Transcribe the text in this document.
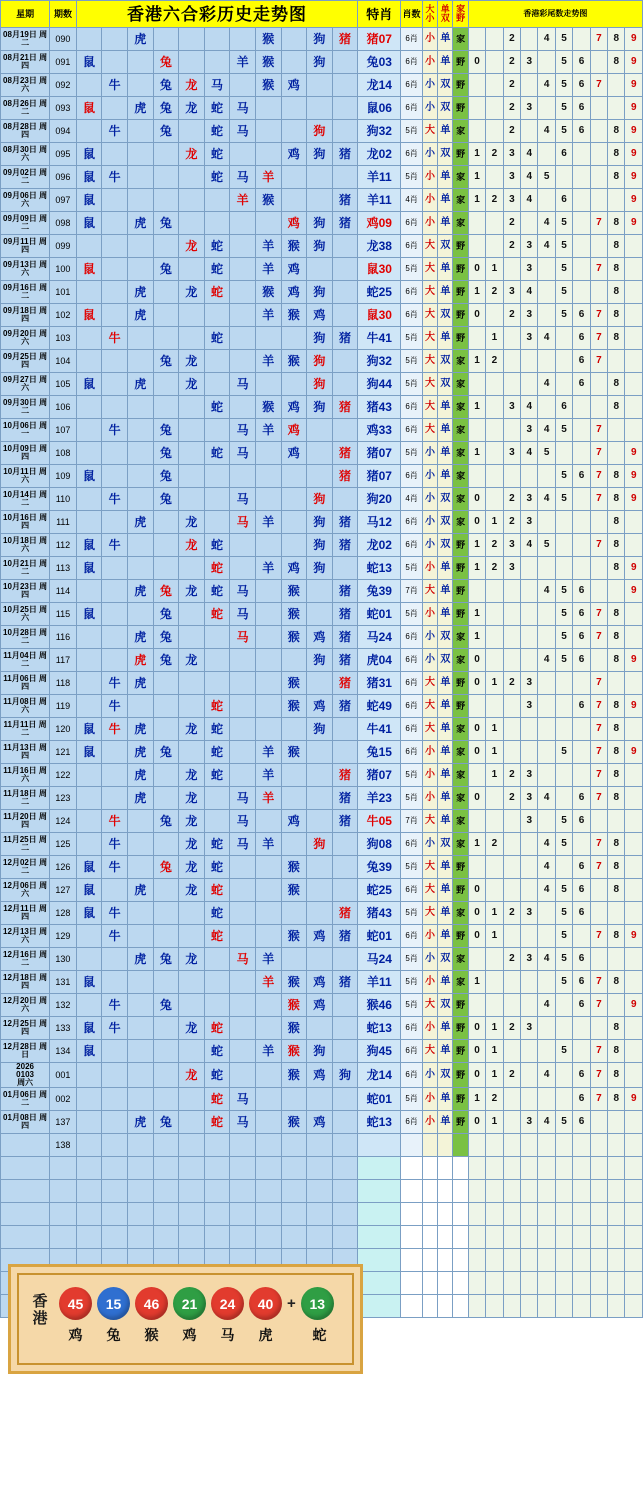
星期	期数	香港六合彩历史走势图											特肖	肖数	大小	单双	家野	香港彩尾数走势图									
08月19日 周二	090			虎					猴		狗	猪	猪07	6肖	小	单	家			2		4	5		7	8	9
08月21日 周四	091	鼠			兔			羊	猴		狗		兔03	6肖	小	单	野	0		2	3		5	6		8	9
08月23日 周六	092		牛		兔	龙	马		猴	鸡			龙14	6肖	小	双	野			2		4	5	6	7		9
08月26日 周二	093	鼠		虎	兔	龙	蛇	马					鼠06	6肖	小	双	野			2	3		5	6			9
08月28日 周四	094		牛		兔		蛇	马			狗		狗32	5肖	大	单	家			2		4	5	6		8	9
08月30日 周六	095	鼠				龙	蛇			鸡	狗	猪	龙02	6肖	小	双	野	1	2	3	4		6			8	9
09月02日 周二	096	鼠	牛				蛇	马	羊				羊11	5肖	小	单	家	1		3	4	5				8	9
09月06日 周六	097	鼠						羊	猴			猪	羊11	4肖	小	单	家	1	2	3	4		6				9
09月09日 周二	098	鼠		虎	兔					鸡	狗	猪	鸡09	6肖	小	单	家			2		4	5		7	8	9
09月11日 周四	099					龙	蛇		羊	猴	狗		龙38	6肖	大	双	野			2	3	4	5			8	
09月13日 周六	100	鼠			兔		蛇		羊	鸡			鼠30	5肖	大	单	野	0	1		3		5		7	8	
09月16日 周二	101			虎		龙	蛇		猴	鸡	狗		蛇25	6肖	大	单	野	1	2	3	4		5			8	
09月18日 周四	102	鼠		虎					羊	猴	鸡		鼠30	6肖	大	双	野	0		2	3		5	6	7	8	
09月20日 周六	103		牛				蛇				狗	猪	牛41	5肖	大	单	野		1		3	4		6	7	8	
09月25日 周四	104				兔	龙			羊	猴	狗		狗32	5肖	大	双	家	1	2					6	7		
09月27日 周六	105	鼠		虎		龙		马			狗		狗44	5肖	大	双	家					4		6		8	
09月30日 周二	106						蛇		猴	鸡	狗	猪	猪43	6肖	大	单	家	1		3	4		6			8	
10月06日 周一	107		牛		兔			马	羊	鸡			鸡33	6肖	大	单	家				3	4	5		7		
10月09日 周四	108				兔		蛇	马		鸡		猪	猪07	5肖	小	单	家	1		3	4	5			7		9
10月11日 周六	109	鼠			兔							猪	猪07	6肖	小	单	家						5	6	7	8	9
10月14日 周二	110		牛		兔			马			狗		狗20	4肖	小	双	家	0		2	3	4	5		7	8	9
10月16日 周四	111			虎		龙		马	羊		狗	猪	马12	6肖	小	双	家	0	1	2	3					8	
10月18日 周六	112	鼠	牛			龙	蛇				狗	猪	龙02	6肖	小	双	野	1	2	3	4	5			7	8	
10月21日 周二	113	鼠					蛇		羊	鸡	狗		蛇13	5肖	小	单	野	1	2	3						8	9
10月23日 周四	114			虎	兔	龙	蛇	马		猴		猪	兔39	7肖	大	单	野					4	5	6			9
10月25日 周六	115	鼠			兔		蛇	马		猴		猪	蛇01	5肖	小	单	野	1					5	6	7	8	
10月28日 周二	116			虎	兔			马		猴	鸡	猪	马24	6肖	小	双	家	1					5	6	7	8	
11月04日 周二	117			虎	兔	龙					狗	猪	虎04	6肖	小	双	家	0				4	5	6		8	9
11月06日 周四	118		牛	虎						猴		猪	猪31	6肖	大	单	野	0	1	2	3				7		
11月08日 周六	119		牛				蛇			猴	鸡	猪	蛇49	6肖	大	单	野				3			6	7	8	9
11月11日 周二	120	鼠	牛	虎		龙	蛇				狗		牛41	6肖	大	单	家	0	1						7	8	
11月13日 周四	121	鼠		虎	兔		蛇		羊	猴			兔15	6肖	小	单	家	0	1				5		7	8	9
11月16日 周六	122			虎		龙	蛇		羊			猪	猪07	5肖	小	单	家		1	2	3				7	8	
11月18日 周二	123			虎		龙		马	羊			猪	羊23	5肖	小	单	家	0		2	3	4		6	7	8	
11月20日 周四	124		牛		兔	龙		马		鸡		猪	牛05	7肖	大	单	家				3		5	6			
11月25日 周二	125		牛			龙	蛇	马	羊		狗		狗08	6肖	小	双	家	1	2			4	5		7	8	
12月02日 周二	126	鼠	牛		兔	龙	蛇			猴			兔39	5肖	大	单	野					4		6	7	8	
12月06日 周六	127	鼠		虎		龙	蛇			猴			蛇25	6肖	大	单	野	0				4	5	6		8	
12月11日 周四	128	鼠	牛				蛇					猪	猪43	5肖	大	单	家	0	1	2	3		5	6			
12月13日 周六	129		牛				蛇			猴	鸡	猪	蛇01	6肖	小	单	野	0	1				5		7	8	9
12月16日 周二	130			虎	兔	龙		马	羊				马24	5肖	小	双	家			2	3	4	5	6			
12月18日 周四	131	鼠							羊	猴	鸡	猪	羊11	5肖	小	单	家	1					5	6	7	8	
12月20日 周六	132		牛		兔					猴	鸡		猴46	5肖	大	双	野					4		6	7		9
12月25日 周四	133	鼠	牛			龙	蛇			猴			蛇13	6肖	小	单	野	0	1	2	3					8	
12月28日 周日	134	鼠					蛇		羊	猴	狗		狗45	6肖	大	单	野	0	1				5		7	8	

2026
0103
周六	001					龙	蛇			猴	鸡	狗	龙14	6肖	小	双	野	0	1	2		4		6	7	8	
01月06日 周二	002						蛇	马					蛇01	5肖	小	单	野	1	2					6	7	8	9
01月08日 周四	137			虎	兔		蛇	马		猴	鸡		蛇13	6肖	小	单	野	0	1		3	4	5	6			

	138																										

香港
45	15	46	21	24	40 + 13
鸡	兔	猴	鸡	马	虎	蛇
